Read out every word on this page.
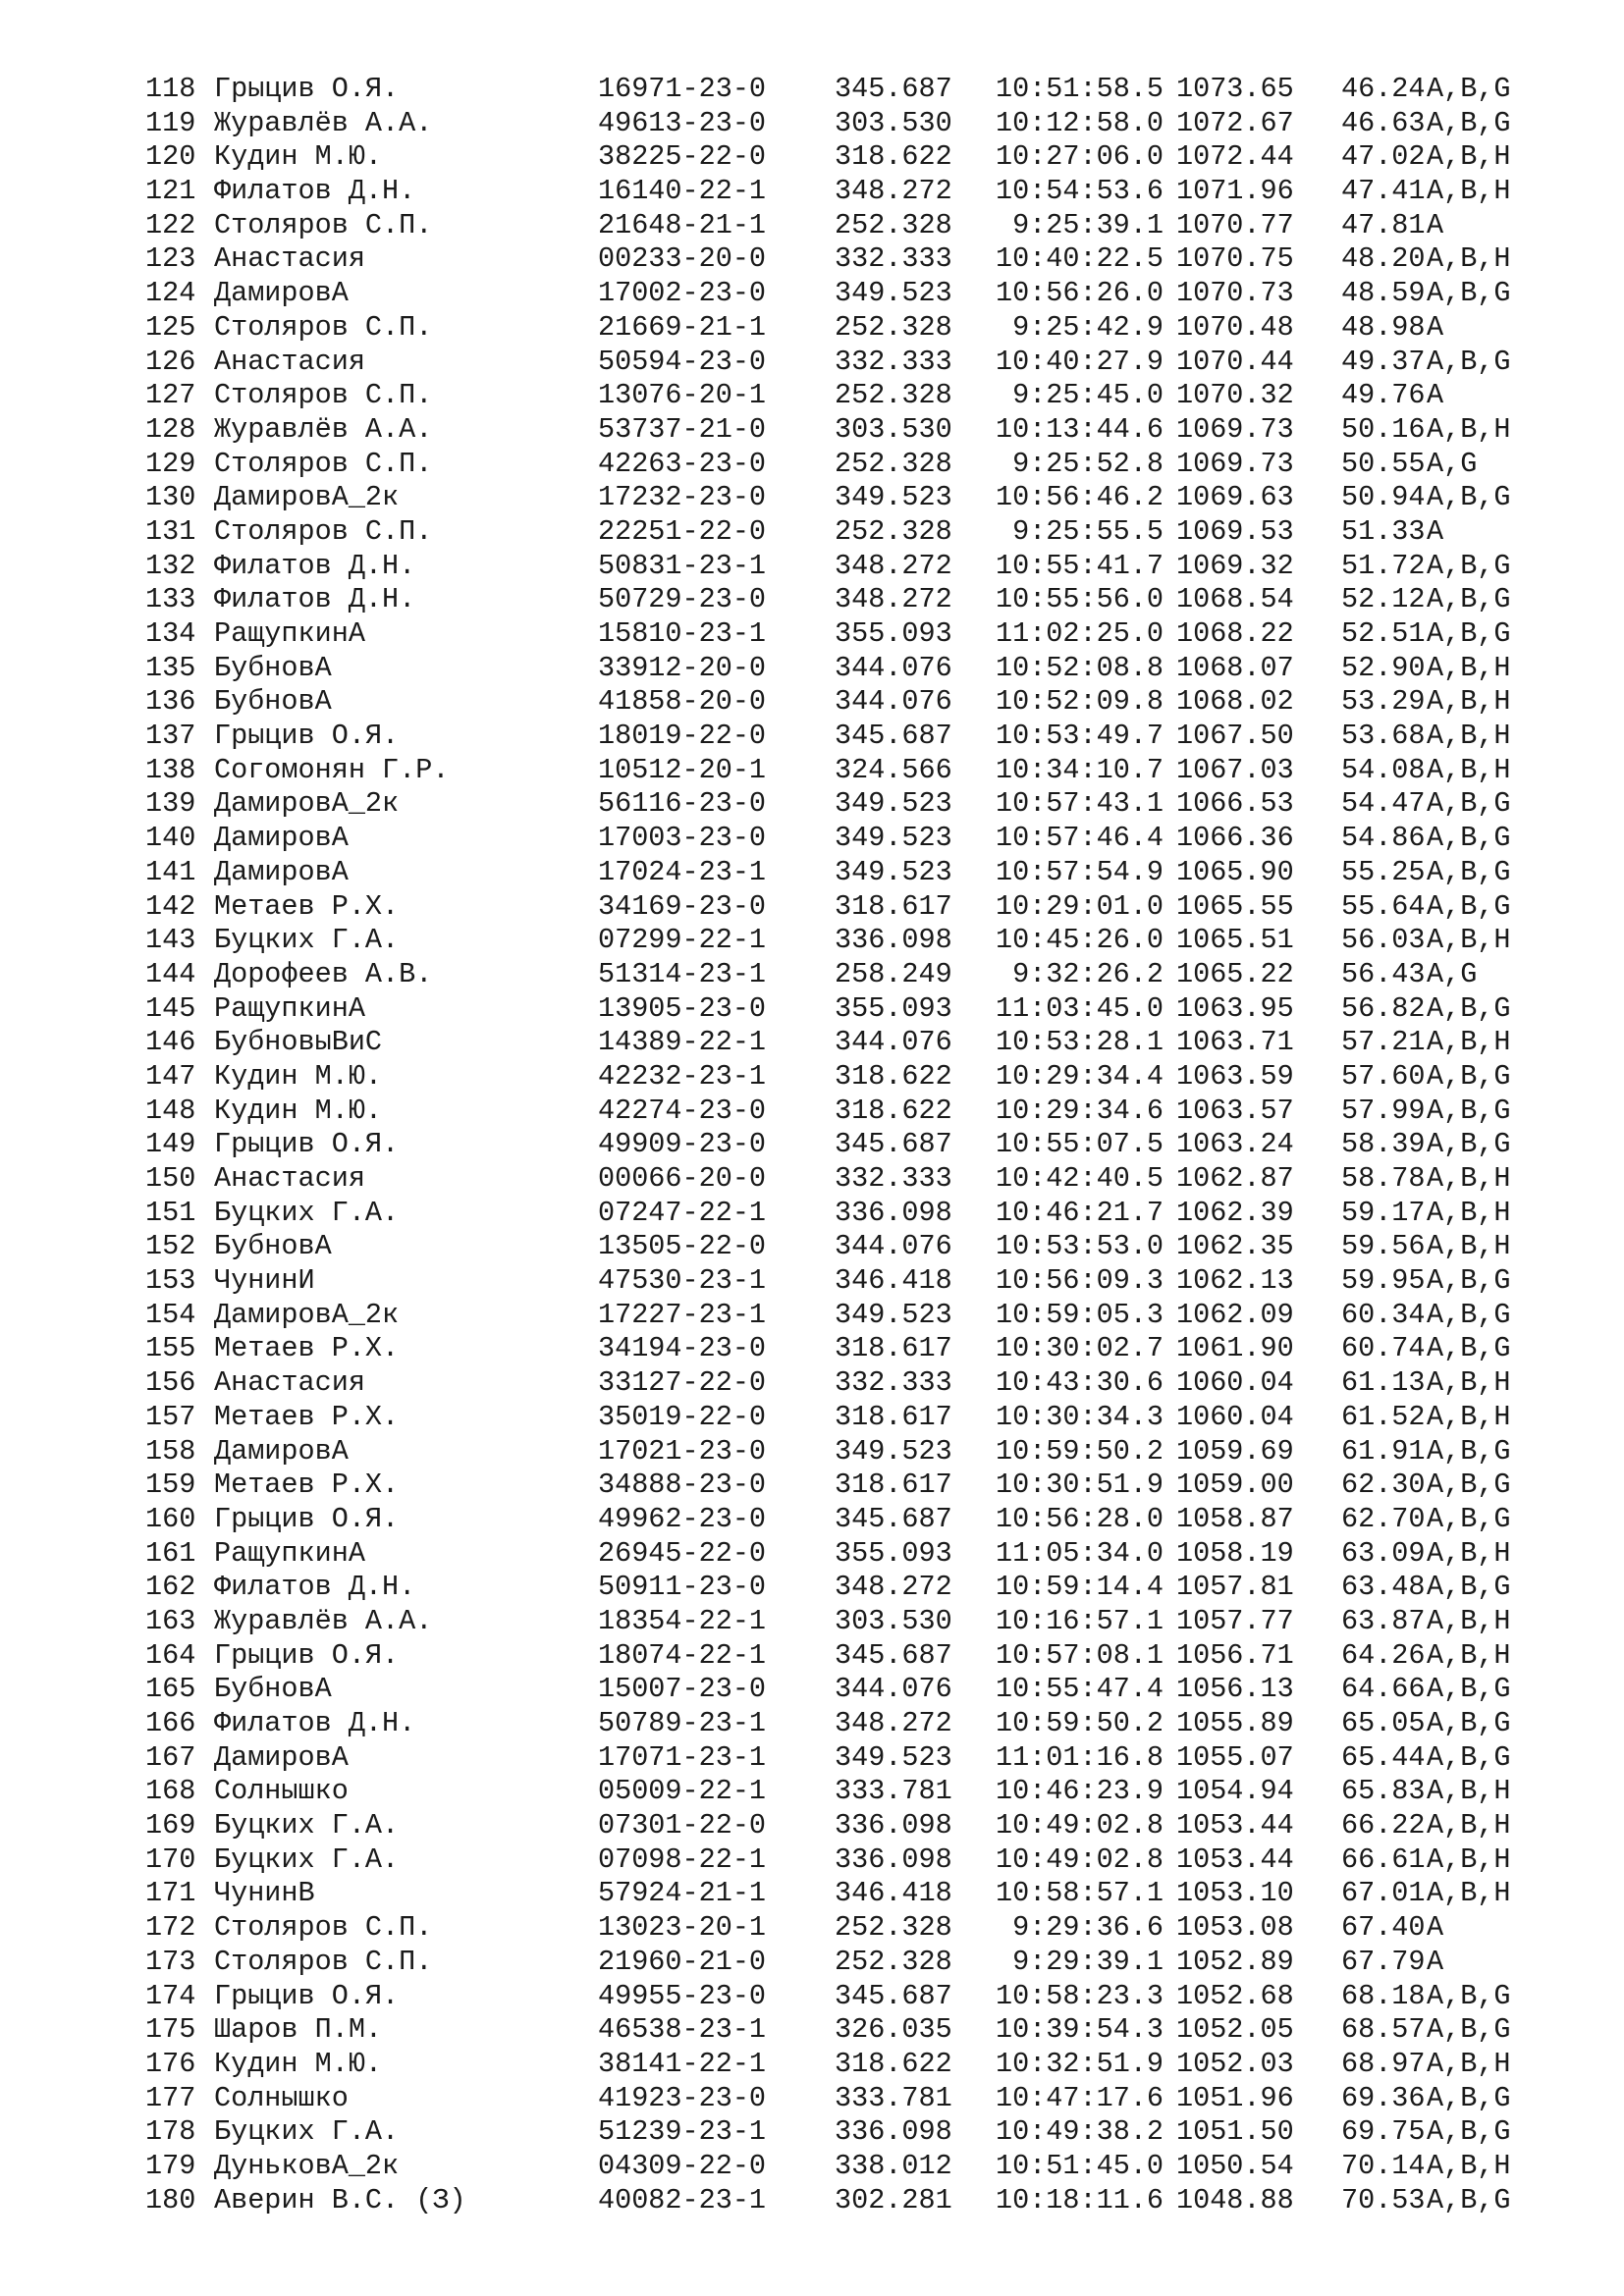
118 Грыцив О.Я.	16971-23-0 345.687	10:51:58.5 1073.65 46.24 A,B,G
119 Журавлёв А.А.	49613-23-0 303.530	10:12:58.0 1072.67 46.63 A,B,G
120 Кудин М.Ю.	38225-22-0 318.622	10:27:06.0 1072.44 47.02 A,B,H
121 Филатов Д.Н.	16140-22-1 348.272	10:54:53.6 1071.96 47.41 A,B,H
122 Столяров С.П.	21648-21-1 252.328	9:25:39.1 1070.77 47.81 A
123 Анастасия	00233-20-0 332.333	10:40:22.5 1070.75 48.20 A,B,H
124 ДамировА	17002-23-0 349.523	10:56:26.0 1070.73 48.59 A,B,G
125 Столяров С.П.	21669-21-1 252.328	9:25:42.9 1070.48 48.98 A
126 Анастасия	50594-23-0 332.333	10:40:27.9 1070.44 49.37 A,B,G
127 Столяров С.П.	13076-20-1 252.328	9:25:45.0 1070.32 49.76 A
128 Журавлёв А.А.	53737-21-0 303.530	10:13:44.6 1069.73 50.16 A,B,H
129 Столяров С.П.	42263-23-0 252.328	9:25:52.8 1069.73 50.55 A,G
130 ДамировА_2к	17232-23-0 349.523	10:56:46.2 1069.63 50.94 A,B,G
131 Столяров С.П.	22251-22-0 252.328	9:25:55.5 1069.53 51.33 A
132 Филатов Д.Н.	50831-23-1 348.272	10:55:41.7 1069.32 51.72 A,B,G
133 Филатов Д.Н.	50729-23-0 348.272	10:55:56.0 1068.54 52.12 A,B,G
134 РащупкинА	15810-23-1 355.093	11:02:25.0 1068.22 52.51 A,B,G
135 БубновА	33912-20-0 344.076	10:52:08.8 1068.07 52.90 A,B,H
136 БубновА	41858-20-0 344.076	10:52:09.8 1068.02 53.29 A,B,H
137 Грыцив О.Я.	18019-22-0 345.687	10:53:49.7 1067.50 53.68 A,B,H
138 Согомонян Г.Р.	10512-20-1 324.566	10:34:10.7 1067.03 54.08 A,B,H
139 ДамировА_2к	56116-23-0 349.523	10:57:43.1 1066.53 54.47 A,B,G
140 ДамировА	17003-23-0 349.523	10:57:46.4 1066.36 54.86 A,B,G
141 ДамировА	17024-23-1 349.523	10:57:54.9 1065.90 55.25 A,B,G
142 Метаев Р.Х.	34169-23-0 318.617	10:29:01.0 1065.55 55.64 A,B,G
143 Буцких Г.А.	07299-22-1 336.098	10:45:26.0 1065.51 56.03 A,B,H
144 Дорофеев А.В.	51314-23-1 258.249	9:32:26.2 1065.22 56.43 A,G
145 РащупкинА	13905-23-0 355.093	11:03:45.0 1063.95 56.82 A,B,G
146 БубновыВиС	14389-22-1 344.076	10:53:28.1 1063.71 57.21 A,B,H
147 Кудин М.Ю.	42232-23-1 318.622	10:29:34.4 1063.59 57.60 A,B,G
148 Кудин М.Ю.	42274-23-0 318.622	10:29:34.6 1063.57 57.99 A,B,G
149 Грыцив О.Я.	49909-23-0 345.687	10:55:07.5 1063.24 58.39 A,B,G
150 Анастасия	00066-20-0 332.333	10:42:40.5 1062.87 58.78 A,B,H
151 Буцких Г.А.	07247-22-1 336.098	10:46:21.7 1062.39 59.17 A,B,H
152 БубновА	13505-22-0 344.076	10:53:53.0 1062.35 59.56 A,B,H
153 ЧунинИ	47530-23-1 346.418	10:56:09.3 1062.13 59.95 A,B,G
154 ДамировА_2к	17227-23-1 349.523	10:59:05.3 1062.09 60.34 A,B,G
155 Метаев Р.Х.	34194-23-0 318.617	10:30:02.7 1061.90 60.74 A,B,G
156 Анастасия	33127-22-0 332.333	10:43:30.6 1060.04 61.13 A,B,H
157 Метаев Р.Х.	35019-22-0 318.617	10:30:34.3 1060.04 61.52 A,B,H
158 ДамировА	17021-23-0 349.523	10:59:50.2 1059.69 61.91 A,B,G
159 Метаев Р.Х.	34888-23-0 318.617	10:30:51.9 1059.00 62.30 A,B,G
160 Грыцив О.Я.	49962-23-0 345.687	10:56:28.0 1058.87 62.70 A,B,G
161 РащупкинА	26945-22-0 355.093	11:05:34.0 1058.19 63.09 A,B,H
162 Филатов Д.Н.	50911-23-0 348.272	10:59:14.4 1057.81 63.48 A,B,G
163 Журавлёв А.А.	18354-22-1 303.530	10:16:57.1 1057.77 63.87 A,B,H
164 Грыцив О.Я.	18074-22-1 345.687	10:57:08.1 1056.71 64.26 A,B,H
165 БубновА	15007-23-0 344.076	10:55:47.4 1056.13 64.66 A,B,G
166 Филатов Д.Н.	50789-23-1 348.272	10:59:50.2 1055.89 65.05 A,B,G
167 ДамировА	17071-23-1 349.523	11:01:16.8 1055.07 65.44 A,B,G
168 Солнышко	05009-22-1 333.781	10:46:23.9 1054.94 65.83 A,B,H
169 Буцких Г.А.	07301-22-0 336.098	10:49:02.8 1053.44 66.22 A,B,H
170 Буцких Г.А.	07098-22-1 336.098	10:49:02.8 1053.44 66.61 A,B,H
171 ЧунинВ	57924-21-1 346.418	10:58:57.1 1053.10 67.01 A,B,H
172 Столяров С.П.	13023-20-1 252.328	9:29:36.6 1053.08 67.40 A
173 Столяров С.П.	21960-21-0 252.328	9:29:39.1 1052.89 67.79 A
174 Грыцив О.Я.	49955-23-0 345.687	10:58:23.3 1052.68 68.18 A,B,G
175 Шаров П.М.	46538-23-1 326.035	10:39:54.3 1052.05 68.57 A,B,G
176 Кудин М.Ю.	38141-22-1 318.622	10:32:51.9 1052.03 68.97 A,B,H
177 Солнышко	41923-23-0 333.781	10:47:17.6 1051.96 69.36 A,B,G
178 Буцких Г.А.	51239-23-1 336.098	10:49:38.2 1051.50 69.75 A,B,G
179 ДуньковА_2к	04309-22-0 338.012	10:51:45.0 1050.54 70.14 A,B,H
180 Аверин В.С. (З)	40082-23-1 302.281	10:18:11.6 1048.88 70.53 A,B,G
